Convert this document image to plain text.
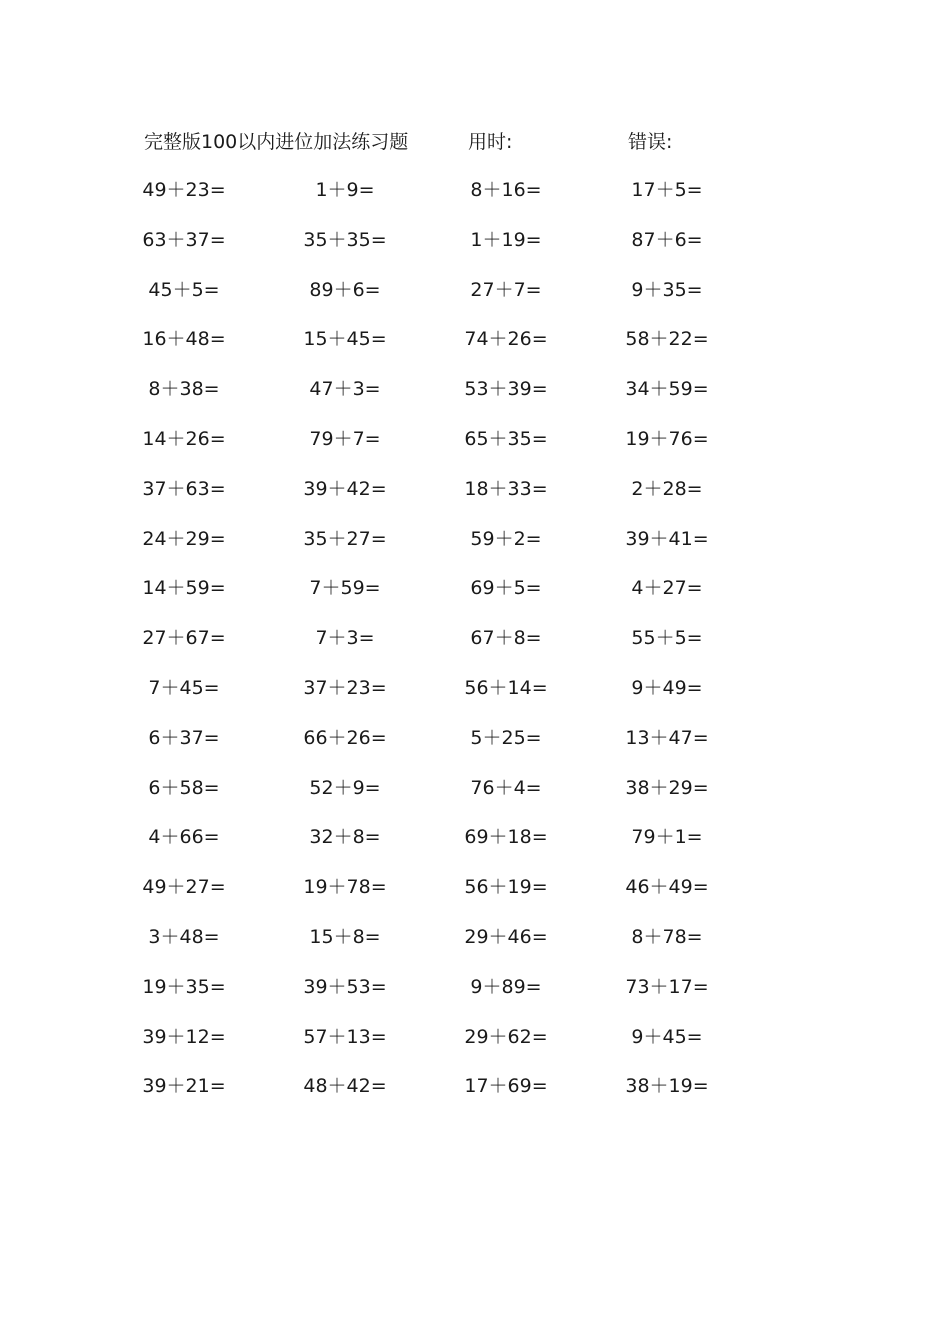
完整版100以内进位加法练习题	用时:	错误:
49＋23=	1＋9=	8＋16=	17＋5=
63＋37=	35＋35=	1＋19=	87＋6=
45＋5=	89＋6=	27＋7=	9＋35=
16＋48=	15＋45=	74＋26=	58＋22=
8＋38=	47＋3=	53＋39=	34＋59=
14＋26=	79＋7=	65＋35=	19＋76=
37＋63=	39＋42=	18＋33=	2＋28=
24＋29=	35＋27=	59＋2=	39＋41=
14＋59=	7＋59=	69＋5=	4＋27=
27＋67=	7＋3=	67＋8=	55＋5=
7＋45=	37＋23=	56＋14=	9＋49=
6＋37=	66＋26=	5＋25=	13＋47=
6＋58=	52＋9=	76＋4=	38＋29=
4＋66=	32＋8=	69＋18=	79＋1=
49＋27=	19＋78=	56＋19=	46＋49=
3＋48=	15＋8=	29＋46=	8＋78=
19＋35=	39＋53=	9＋89=	73＋17=
39＋12=	57＋13=	29＋62=	9＋45=
39＋21=	48＋42=	17＋69=	38＋19=
